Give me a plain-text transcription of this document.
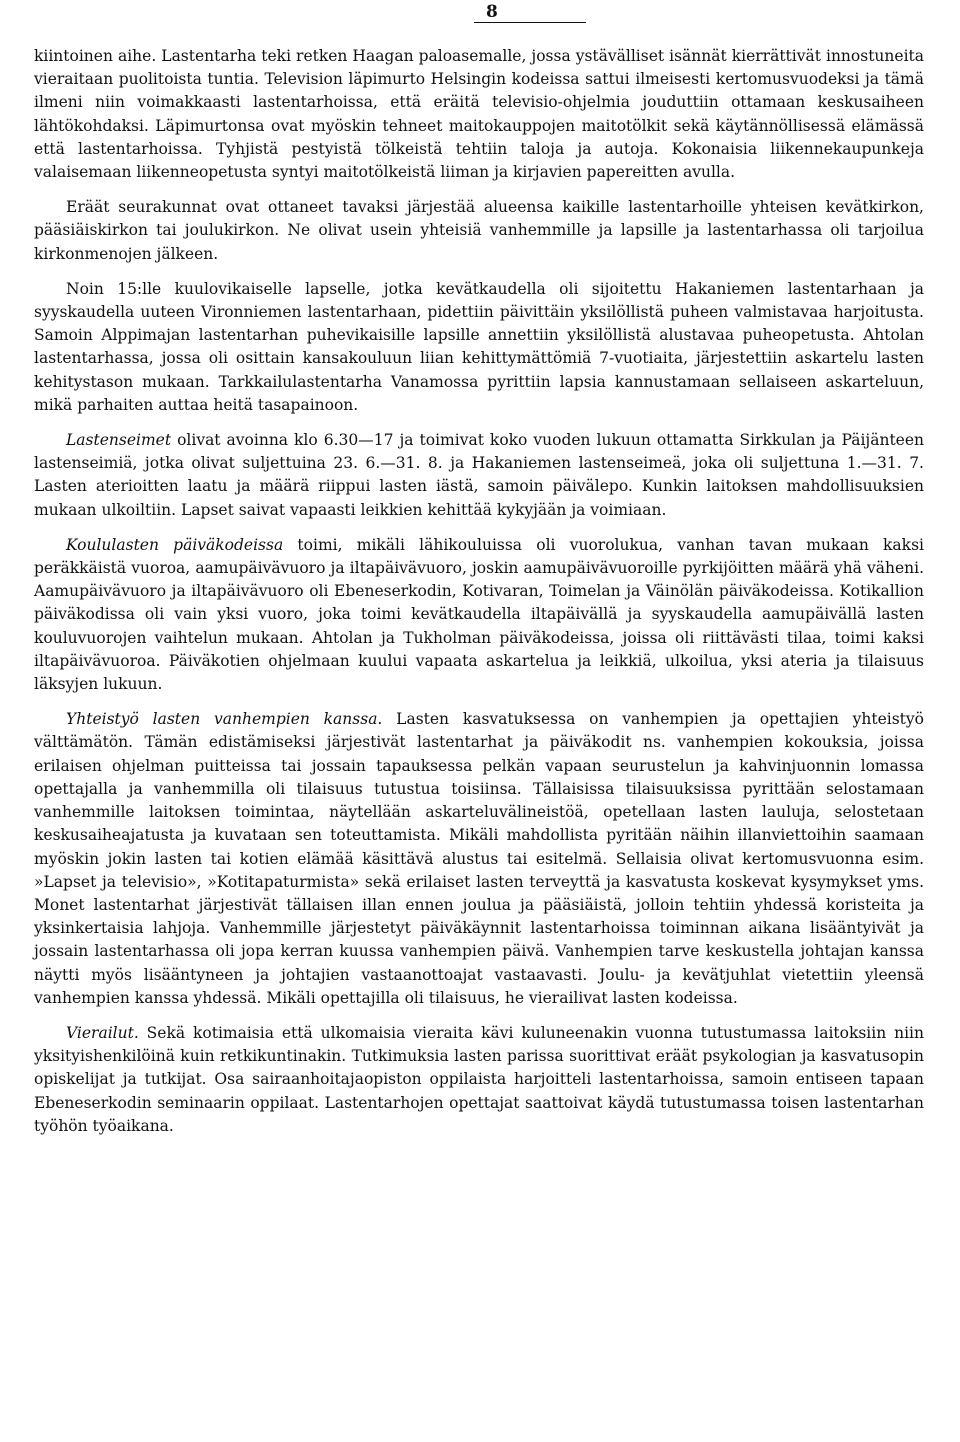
8

kiintoinen aihe. Lastentarha teki retken Haagan paloasemalle, jossa ystävälliset isännät kierrättivät innostuneita vieraitaan puolitoista tuntia. Television läpimurto Helsingin kodeissa sattui ilmeisesti kertomusvuodeksi ja tämä ilmeni niin voimakkaasti lastentarhoissa, että eräitä televisio-ohjelmia jouduttiin ottamaan keskusaiheen lähtökohdaksi. Läpimurtonsa ovat myöskin tehneet maitokauppojen maitotölkit sekä käytännöllisessä elämässä että lastentarhoissa. Tyhjistä pestyistä tölkeistä tehtiin taloja ja autoja. Kokonaisia liikennekaupunkeja valaisemaan liikenneopetusta syntyi maitotölkeistä liiman ja kirjavien papereitten avulla.

Eräät seurakunnat ovat ottaneet tavaksi järjestää alueensa kaikille lastentarhoille yhteisen kevätkirkon, pääsiäiskirkon tai joulukirkon. Ne olivat usein yhteisiä vanhemmille ja lapsille ja lastentarhassa oli tarjoilua kirkonmenojen jälkeen.

Noin 15:lle kuulovikaiselle lapselle, jotka kevätkaudella oli sijoitettu Hakaniemen lastentarhaan ja syyskaudella uuteen Vironniemen lastentarhaan, pidettiin päivittäin yksilöllistä puheen valmistavaa harjoitusta. Samoin Alppimajan lastentarhan puhevikaisille lapsille annettiin yksilöllistä alustavaa puheopetusta. Ahtolan lastentarhassa, jossa oli osittain kansakouluun liian kehittymättömiä 7-vuotiaita, järjestettiin askartelu lasten kehitystason mukaan. Tarkkailulastentarha Vanamossa pyrittiin lapsia kannustamaan sellaiseen askarteluun, mikä parhaiten auttaa heitä tasapainoon.

Lastenseimet olivat avoinna klo 6.30—17 ja toimivat koko vuoden lukuun ottamatta Sirkkulan ja Päijänteen lastenseimiä, jotka olivat suljettuina 23. 6.—31. 8. ja Hakaniemen lastenseimeä, joka oli suljettuna 1.—31. 7. Lasten aterioitten laatu ja määrä riippui lasten iästä, samoin päivälepo. Kunkin laitoksen mahdollisuuksien mukaan ulkoiltiin. Lapset saivat vapaasti leikkien kehittää kykyjään ja voimiaan.

Koululasten päiväkodeissa toimi, mikäli lähikouluissa oli vuorolukua, vanhan tavan mukaan kaksi peräkkäistä vuoroa, aamupäivävuoro ja iltapäivävuoro, joskin aamupäivävuoroille pyrkijöitten määrä yhä väheni. Aamupäivävuoro ja iltapäivävuoro oli Ebeneserkodin, Kotivaran, Toimelan ja Väinölän päiväkodeissa. Kotikallion päiväkodissa oli vain yksi vuoro, joka toimi kevätkaudella iltapäivällä ja syyskaudella aamupäivällä lasten kouluvuorojen vaihtelun mukaan. Ahtolan ja Tukholman päiväkodeissa, joissa oli riittävästi tilaa, toimi kaksi iltapäivävuoroa. Päiväkotien ohjelmaan kuului vapaata askartelua ja leikkiä, ulkoilua, yksi ateria ja tilaisuus läksyjen lukuun.

Yhteistyö lasten vanhempien kanssa. Lasten kasvatuksessa on vanhempien ja opettajien yhteistyö välttämätön. Tämän edistämiseksi järjestivät lastentarhat ja päiväkodit ns. vanhempien kokouksia, joissa erilaisen ohjelman puitteissa tai jossain tapauksessa pelkän vapaan seurustelun ja kahvinjuonnin lomassa opettajalla ja vanhemmilla oli tilaisuus tutustua toisiinsa. Tällaisissa tilaisuuksissa pyrittään selostamaan vanhemmille laitoksen toimintaa, näytellään askarteluvälineistöä, opetellaan lasten lauluja, selostetaan keskusaiheajatusta ja kuvataan sen toteuttamista. Mikäli mahdollista pyritään näihin illanviettoihin saamaan myöskin jokin lasten tai kotien elämää käsittävä alustus tai esitelmä. Sellaisia olivat kertomusvuonna esim. »Lapset ja televisio», »Kotitapaturmista» sekä erilaiset lasten terveyttä ja kasvatusta koskevat kysymykset yms. Monet lastentarhat järjestivät tällaisen illan ennen joulua ja pääsiäistä, jolloin tehtiin yhdessä koristeita ja yksinkertaisia lahjoja. Vanhemmille järjestetyt päiväkäynnit lastentarhoissa toiminnan aikana lisääntyivät ja jossain lastentarhassa oli jopa kerran kuussa vanhempien päivä. Vanhempien tarve keskustella johtajan kanssa näytti myös lisääntyneen ja johtajien vastaanottoajat vastaavasti. Joulu- ja kevätjuhlat vietettiin yleensä vanhempien kanssa yhdessä. Mikäli opettajilla oli tilaisuus, he vierailivat lasten kodeissa.

Vierailut. Sekä kotimaisia että ulkomaisia vieraita kävi kuluneenakin vuonna tutustumassa laitoksiin niin yksityishenkilöinä kuin retkikuntinakin. Tutkimuksia lasten parissa suorittivat eräät psykologian ja kasvatusopin opiskelijat ja tutkijat. Osa sairaanhoitajaopiston oppilaista harjoitteli lastentarhoissa, samoin entiseen tapaan Ebeneserkodin seminaarin oppilaat. Lastentarhojen opettajat saattoivat käydä tutustumassa toisen lastentarhan työhön työaikana.
